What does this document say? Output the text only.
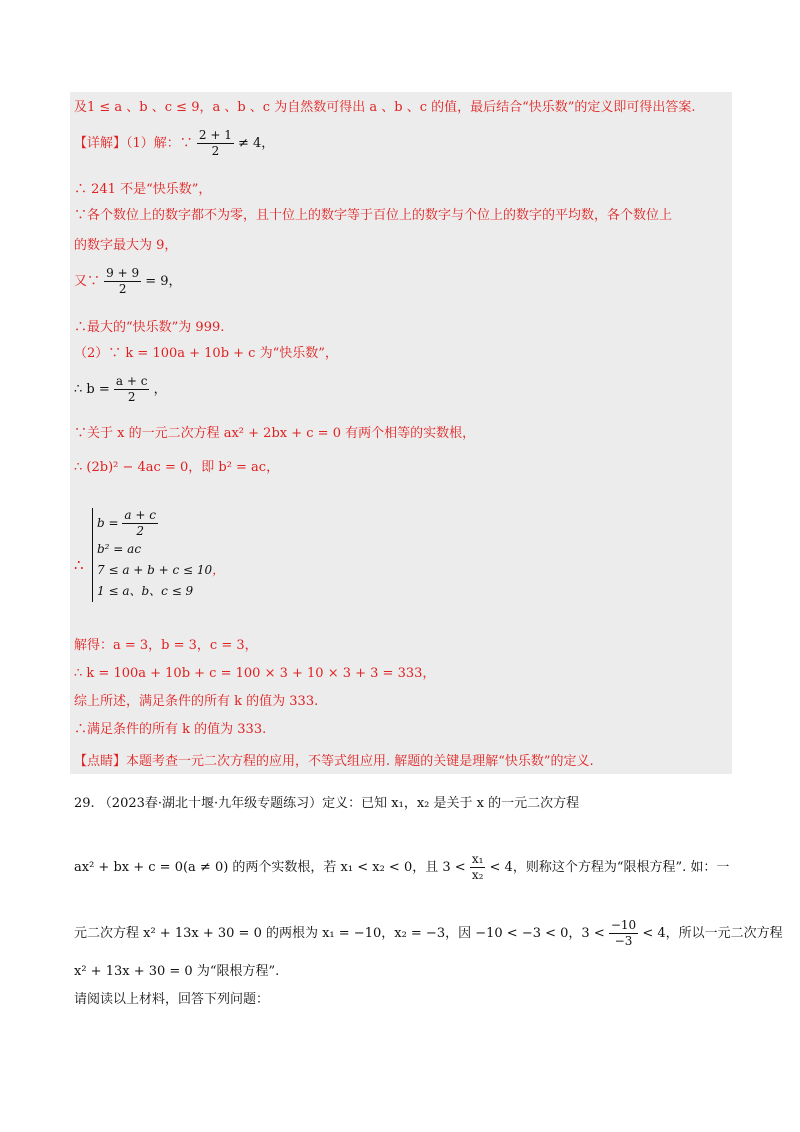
及1 ≤ a 、b 、c ≤ 9，a 、b 、c 为自然数可得出 a 、b 、c 的值，最后结合“快乐数”的定义即可得出答案.
【详解】（1）解：∵ $\frac{2 + 1}{2} \ne 4$，
∴ 241 不是“快乐数”，
∵各个数位上的数字都不为零，且十位上的数字等于百位上的数字与个位上的数字的平均数，各个数位上
的数字最大为 9，
又∵ $\frac{9 + 9}{2} = 9$，
∴最大的“快乐数”为 999.
（2）∵ k = 100a + 10b + c 为“快乐数”，
∴ $b = \frac{a + c}{2}$ ，
∵关于 x 的一元二次方程 ax² + 2bx + c = 0 有两个相等的实数根，
∴ (2b)² − 4ac = 0，即 b² = ac，
∴
$b = \frac{a + c}{2}$
b² = ac
7 ≤ a + b + c ≤ 10，
1 ≤ a、b、c ≤ 9
解得：a = 3，b = 3，c = 3，
∴ k = 100a + 10b + c = 100 × 3 + 10 × 3 + 3 = 333，
综上所述，满足条件的所有 k 的值为 333.
∴满足条件的所有 k 的值为 333.
【点睛】本题考查一元二次方程的应用，不等式组应用. 解题的关键是理解“快乐数”的定义.
29. （2023春·湖北十堰·九年级专题练习）定义：已知 x₁，x₂ 是关于 x 的一元二次方程
ax² + bx + c = 0(a ≠ 0) 的两个实数根，若 x₁ < x₂ < 0，且 $3 < \frac{\text{x₁}}{\text{x₂}} < 4$，则称这个方程为“限根方程”. 如：一
元二次方程 x² + 13x + 30 = 0 的两根为 x₁ = −10，x₂ = −3，因 −10 < −3 < 0，$3 < \frac{-10}{-3} < 4$，所以一元二次方程
x² + 13x + 30 = 0 为“限根方程”.
请阅读以上材料，回答下列问题：
